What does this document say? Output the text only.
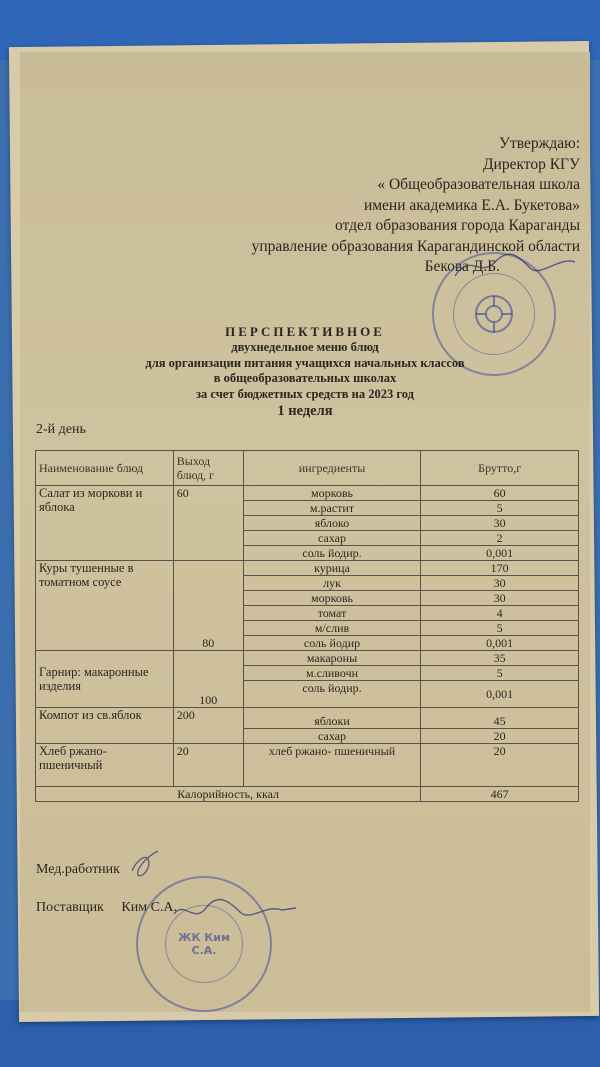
Утверждаю:
Директор КГУ
« Общеобразовательная школа
имени академика Е.А. Букетова»
отдел образования города Караганды
управление образования Карагандинской области
Бекова Д.Б.
ПЕРСПЕКТИВНОЕ
двухнедельное меню блюд
для организации питания учащихся начальных классов
в общеобразовательных школах
за счет бюджетных средств на 2023 год
1 неделя
2-й день
Наименование блюд	Выход блюд, г	ингредиенты	Брутто,г
Салат из моркови и яблока	60	морковь	60
		м.растит	5
		яблоко	30
		сахар	2
		соль йодир.	0,001
Куры тушенные в томатном соусе	80	курица	170
		лук	30
		морковь	30
		томат	4
		м/слив	5
		соль йодир	0,001
Гарнир: макаронные изделия	100	макароны	35
		м.сливочн	5
		соль йодир.	0,001
Компот из св.яблок	200	яблоки	45
		сахар	20
Хлеб ржано-пшеничный	20	хлеб ржано- пшеничный	20
Калорийность, ккал			467
Мед.работник
Поставщик Ким С.А.
ЖК Ким С.А.
